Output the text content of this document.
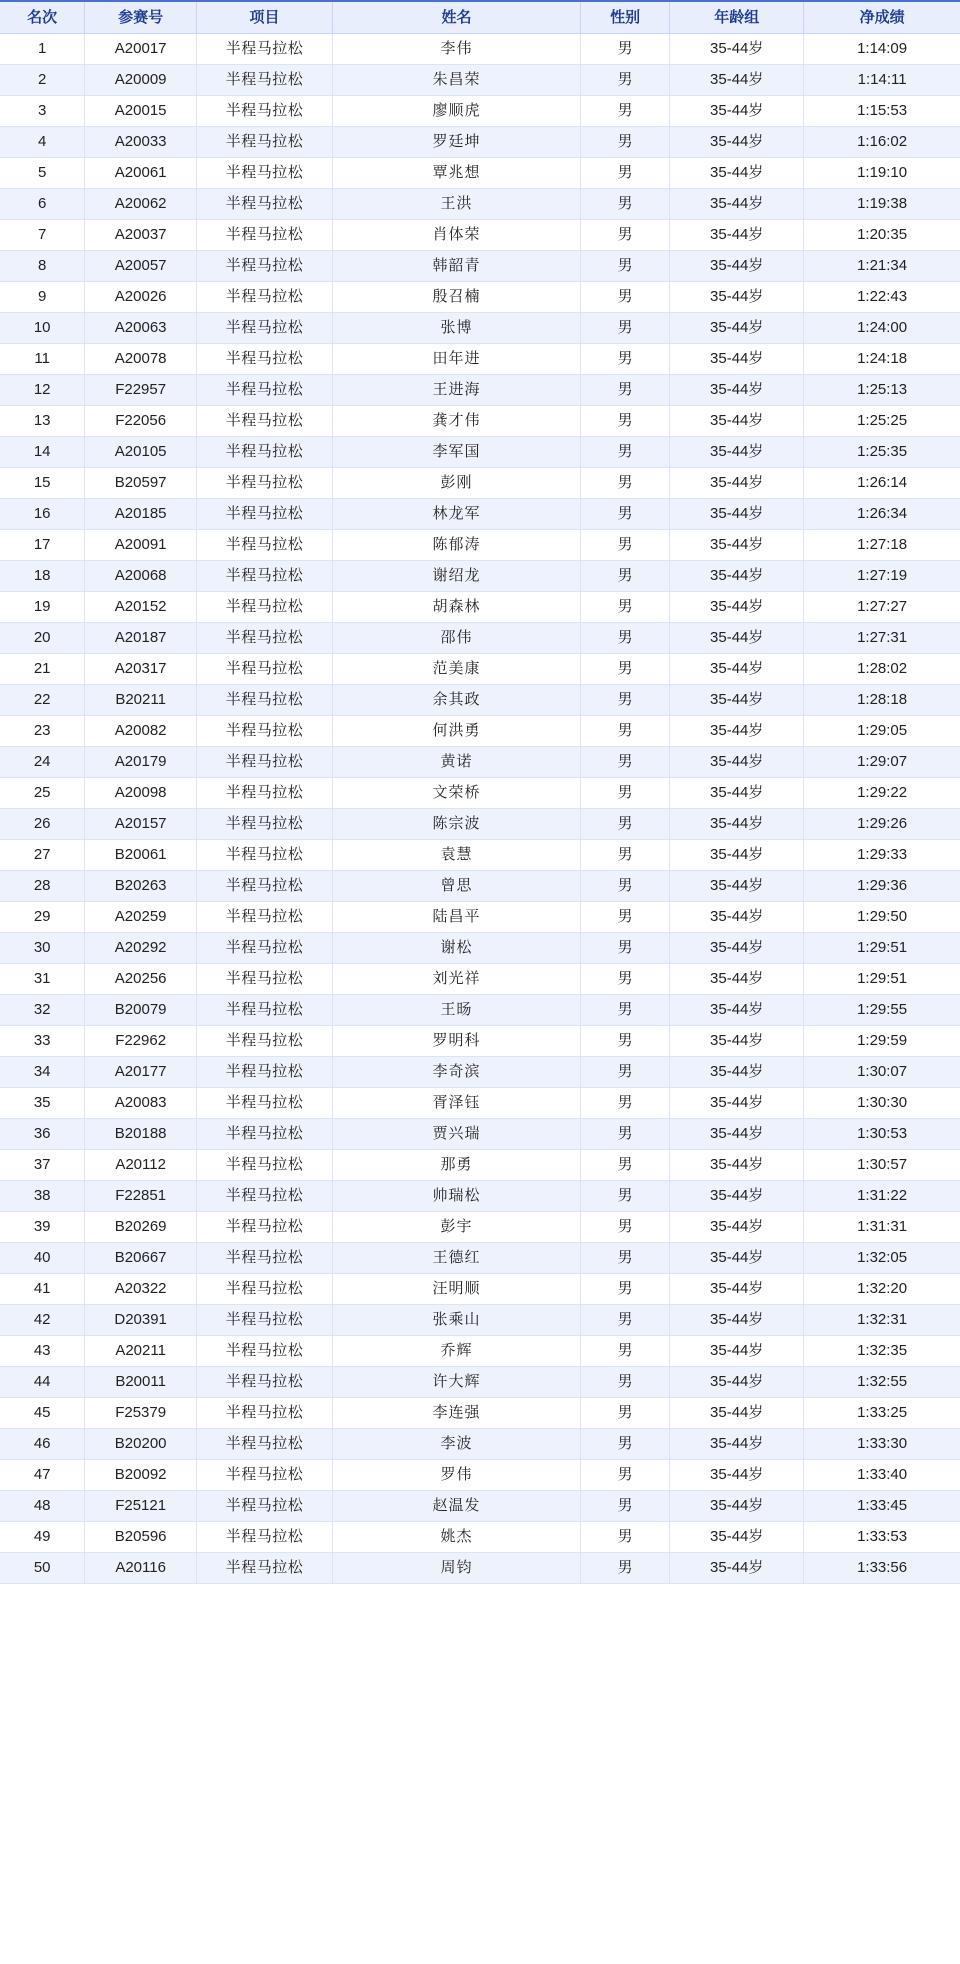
名次	参赛号	项目	姓名	性别	年龄组	净成绩
1	A20017	半程马拉松	李伟	男	35-44岁	1:14:09
2	A20009	半程马拉松	朱昌荣	男	35-44岁	1:14:11
3	A20015	半程马拉松	廖顺虎	男	35-44岁	1:15:53
4	A20033	半程马拉松	罗廷坤	男	35-44岁	1:16:02
5	A20061	半程马拉松	覃兆想	男	35-44岁	1:19:10
6	A20062	半程马拉松	王洪	男	35-44岁	1:19:38
7	A20037	半程马拉松	肖体荣	男	35-44岁	1:20:35
8	A20057	半程马拉松	韩韶青	男	35-44岁	1:21:34
9	A20026	半程马拉松	殷召楠	男	35-44岁	1:22:43
10	A20063	半程马拉松	张博	男	35-44岁	1:24:00
11	A20078	半程马拉松	田年进	男	35-44岁	1:24:18
12	F22957	半程马拉松	王进海	男	35-44岁	1:25:13
13	F22056	半程马拉松	龚才伟	男	35-44岁	1:25:25
14	A20105	半程马拉松	李军国	男	35-44岁	1:25:35
15	B20597	半程马拉松	彭刚	男	35-44岁	1:26:14
16	A20185	半程马拉松	林龙军	男	35-44岁	1:26:34
17	A20091	半程马拉松	陈郁涛	男	35-44岁	1:27:18
18	A20068	半程马拉松	谢绍龙	男	35-44岁	1:27:19
19	A20152	半程马拉松	胡森林	男	35-44岁	1:27:27
20	A20187	半程马拉松	邵伟	男	35-44岁	1:27:31
21	A20317	半程马拉松	范美康	男	35-44岁	1:28:02
22	B20211	半程马拉松	余其政	男	35-44岁	1:28:18
23	A20082	半程马拉松	何洪勇	男	35-44岁	1:29:05
24	A20179	半程马拉松	黄诺	男	35-44岁	1:29:07
25	A20098	半程马拉松	文荣桥	男	35-44岁	1:29:22
26	A20157	半程马拉松	陈宗波	男	35-44岁	1:29:26
27	B20061	半程马拉松	袁慧	男	35-44岁	1:29:33
28	B20263	半程马拉松	曾思	男	35-44岁	1:29:36
29	A20259	半程马拉松	陆昌平	男	35-44岁	1:29:50
30	A20292	半程马拉松	谢松	男	35-44岁	1:29:51
31	A20256	半程马拉松	刘光祥	男	35-44岁	1:29:51
32	B20079	半程马拉松	王旸	男	35-44岁	1:29:55
33	F22962	半程马拉松	罗明科	男	35-44岁	1:29:59
34	A20177	半程马拉松	李奇滨	男	35-44岁	1:30:07
35	A20083	半程马拉松	胥泽钰	男	35-44岁	1:30:30
36	B20188	半程马拉松	贾兴瑞	男	35-44岁	1:30:53
37	A20112	半程马拉松	那勇	男	35-44岁	1:30:57
38	F22851	半程马拉松	帅瑞松	男	35-44岁	1:31:22
39	B20269	半程马拉松	彭宇	男	35-44岁	1:31:31
40	B20667	半程马拉松	王德红	男	35-44岁	1:32:05
41	A20322	半程马拉松	汪明顺	男	35-44岁	1:32:20
42	D20391	半程马拉松	张乘山	男	35-44岁	1:32:31
43	A20211	半程马拉松	乔辉	男	35-44岁	1:32:35
44	B20011	半程马拉松	许大辉	男	35-44岁	1:32:55
45	F25379	半程马拉松	李连强	男	35-44岁	1:33:25
46	B20200	半程马拉松	李波	男	35-44岁	1:33:30
47	B20092	半程马拉松	罗伟	男	35-44岁	1:33:40
48	F25121	半程马拉松	赵温发	男	35-44岁	1:33:45
49	B20596	半程马拉松	姚杰	男	35-44岁	1:33:53
50	A20116	半程马拉松	周钧	男	35-44岁	1:33:56
